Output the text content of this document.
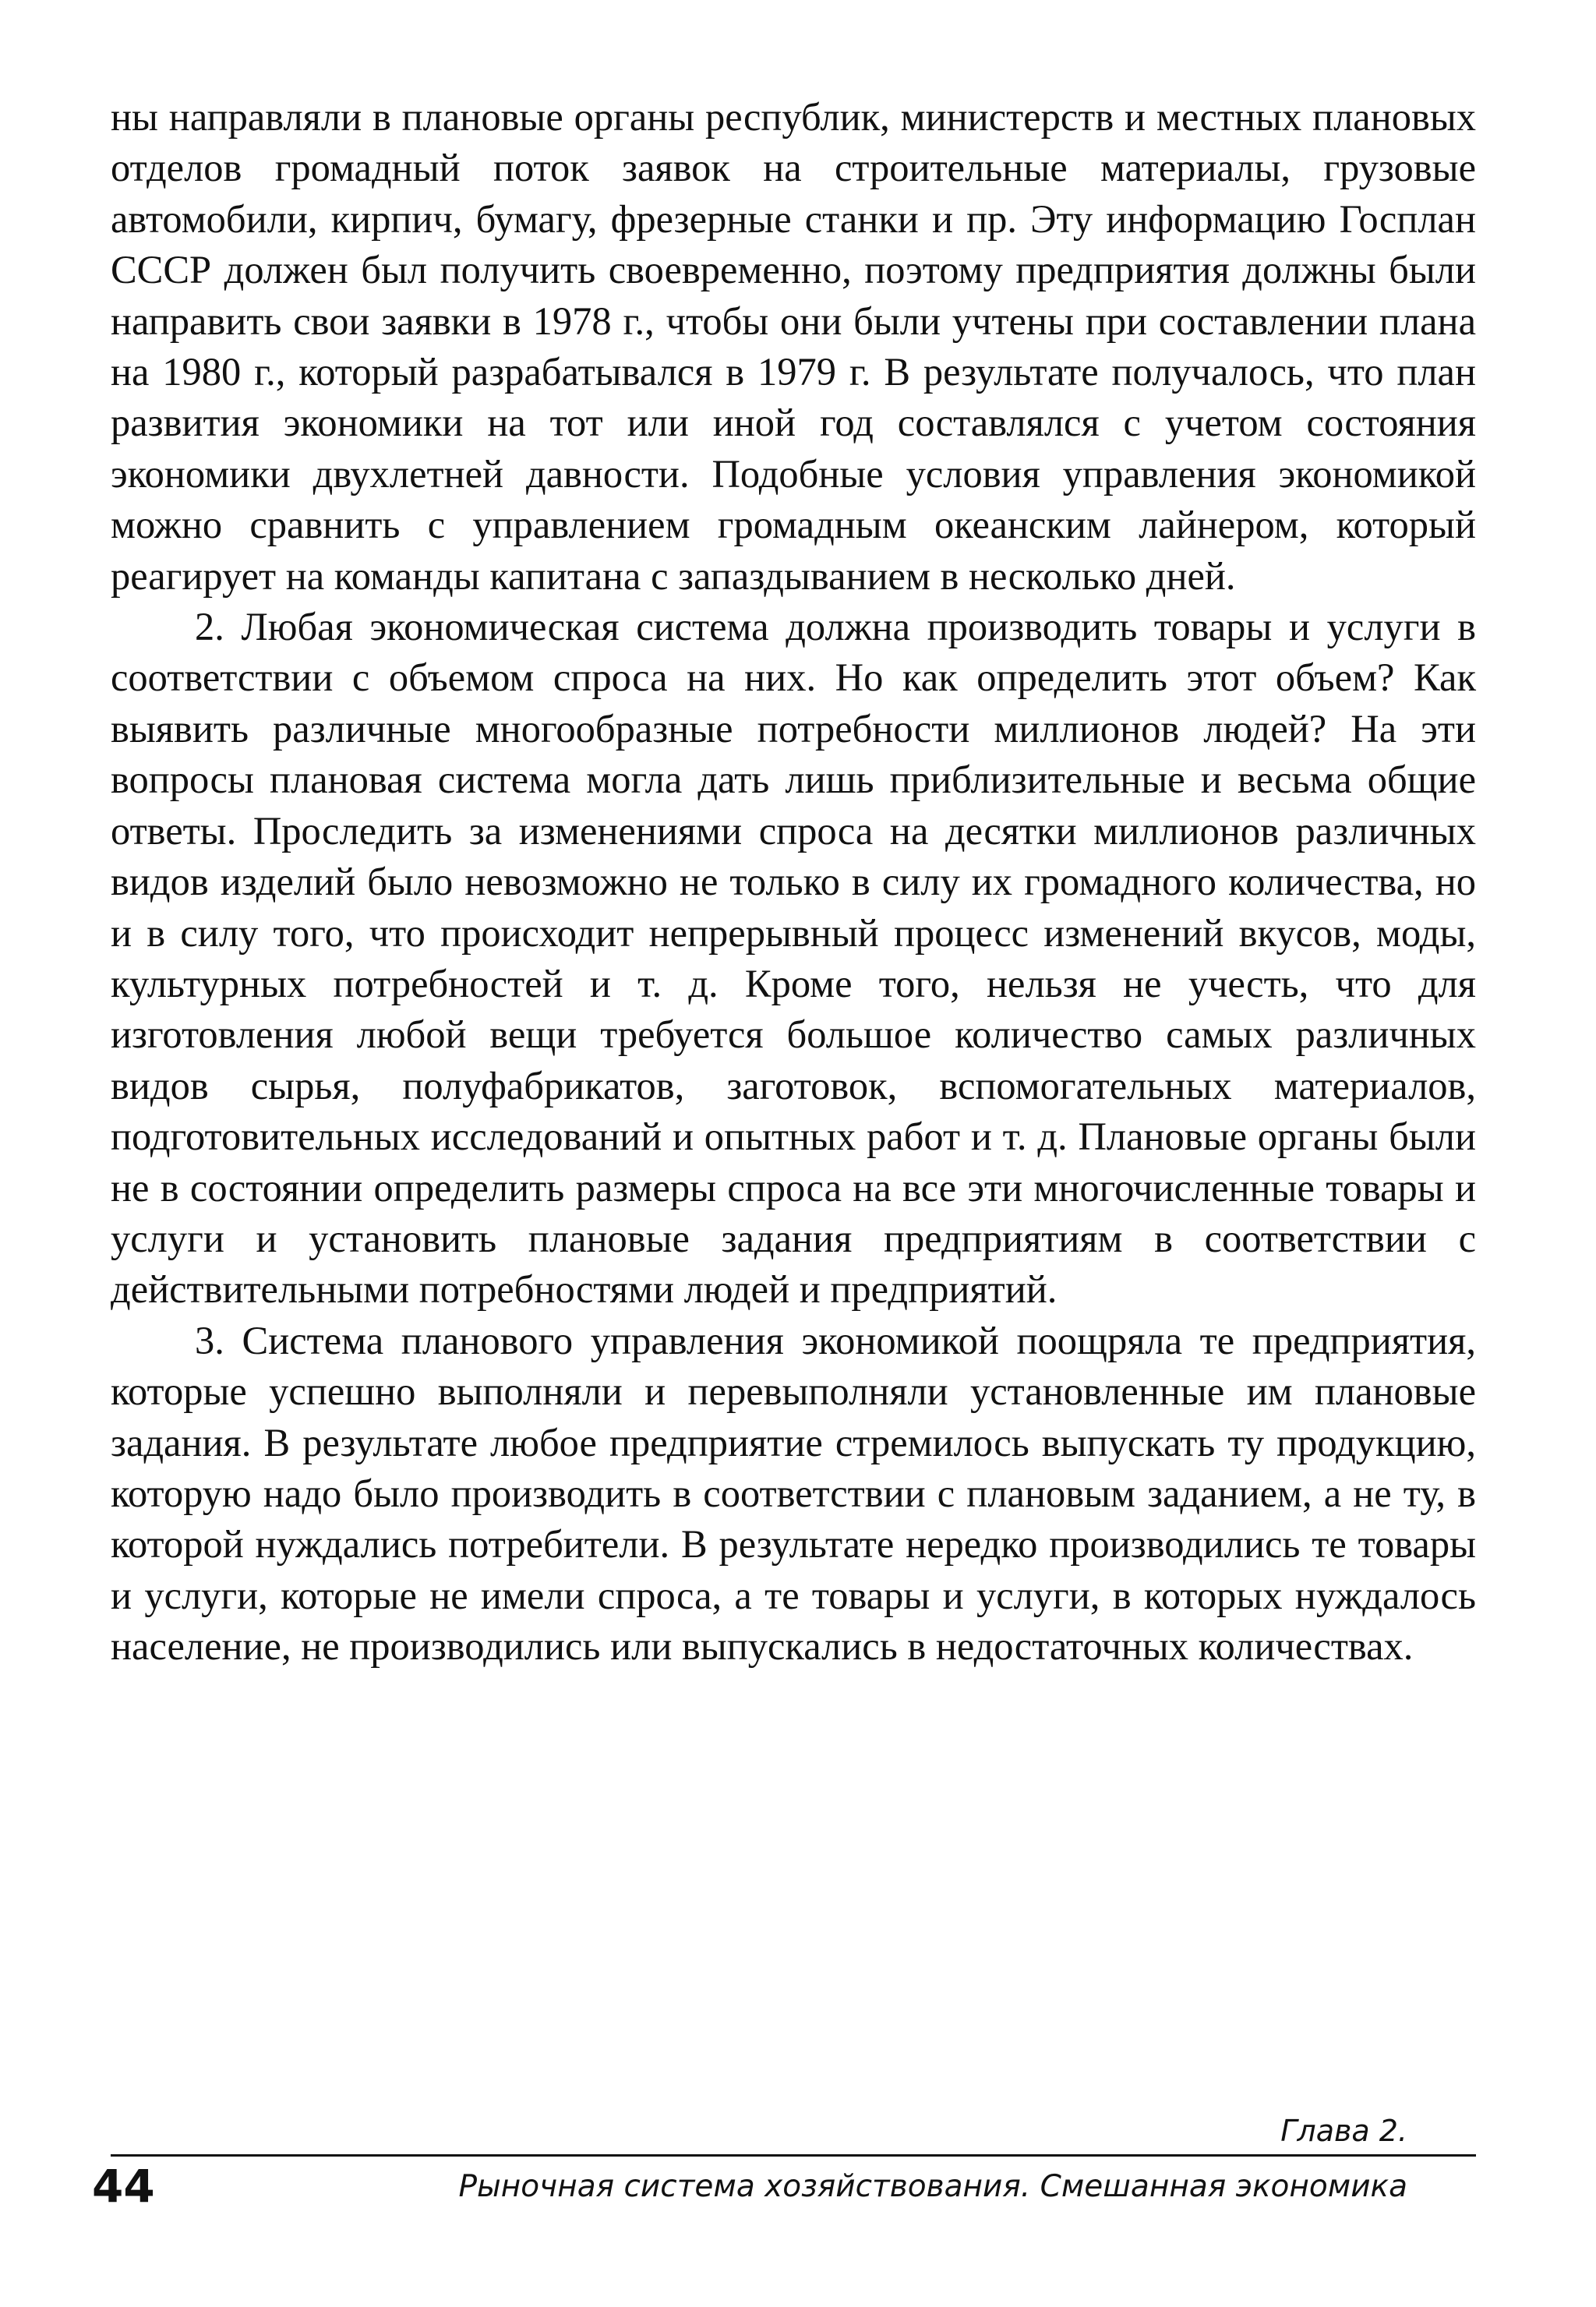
ны направляли в плановые органы республик, министерств и местных плановых отделов громадный поток заявок на строительные материалы, грузовые автомобили, кирпич, бумагу, фрезерные станки и пр. Эту информацию Госплан СССР должен был получить своевременно, поэтому предприятия должны были направить свои заявки в 1978 г., чтобы они были учтены при составлении плана на 1980 г., который разрабатывался в 1979 г. В результате получалось, что план развития экономики на тот или иной год составлялся с учетом состояния экономики двухлетней давности. Подобные условия управления экономикой можно сравнить с управлением громадным океанским лайнером, который реагирует на команды капитана с запаздыванием в несколько дней.

2. Любая экономическая система должна производить товары и услуги в соответствии с объемом спроса на них. Но как определить этот объем? Как выявить различные многообразные потребности миллионов людей? На эти вопросы плановая система могла дать лишь приблизительные и весьма общие ответы. Проследить за изменениями спроса на десятки миллионов различных видов изделий было невозможно не только в силу их громадного количества, но и в силу того, что происходит непрерывный процесс изменений вкусов, моды, культурных потребностей и т. д. Кроме того, нельзя не учесть, что для изготовления любой вещи требуется большое количество самых различных видов сырья, полуфабрикатов, заготовок, вспомогательных материалов, подготовительных исследований и опытных работ и т. д. Плановые органы были не в состоянии определить размеры спроса на все эти многочисленные товары и услуги и установить плановые задания предприятиям в соответствии с действительными потребностями людей и предприятий.

3. Система планового управления экономикой поощряла те предприятия, которые успешно выполняли и перевыполняли установленные им плановые задания. В результате любое предприятие стремилось выпускать ту продукцию, которую надо было производить в соответствии с плановым заданием, а не ту, в которой нуждались потребители. В результате нередко производились те товары и услуги, которые не имели спроса, а те товары и услуги, в которых нуждалось население, не производились или выпускались в недостаточных количествах.

Глава 2.
44	Рыночная система хозяйствования. Смешанная экономика
